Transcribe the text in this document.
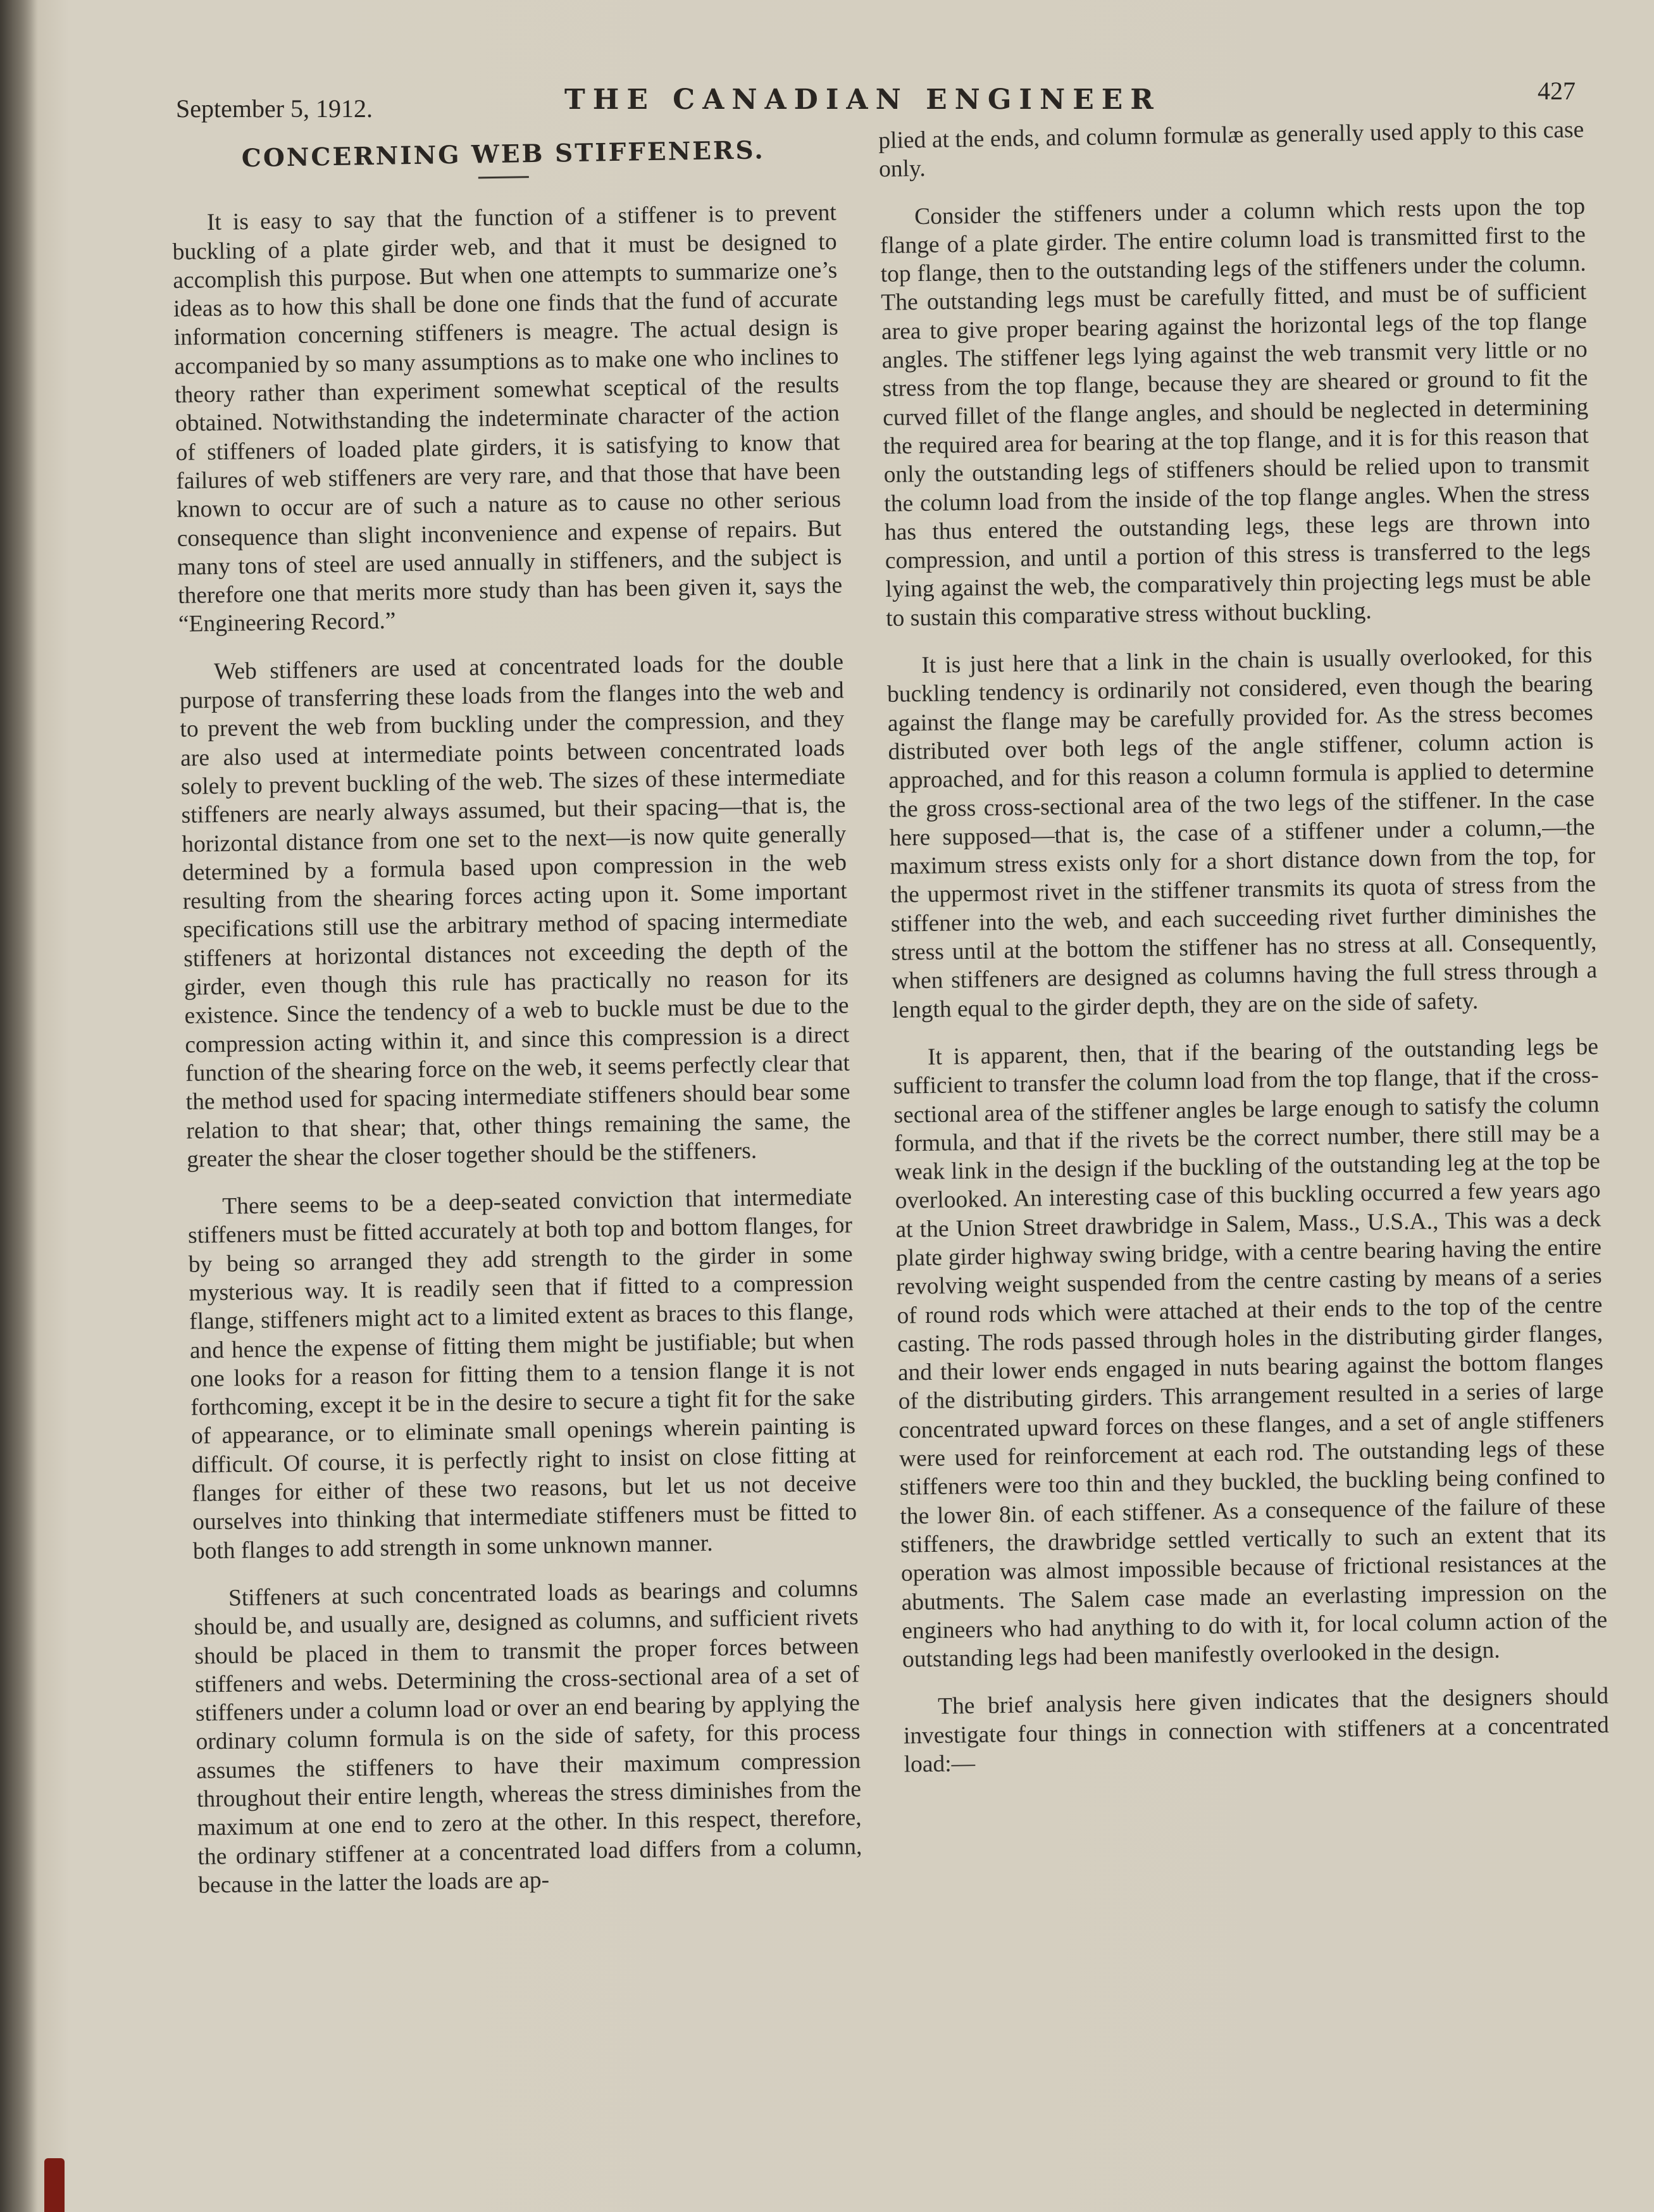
September 5, 1912.	THE CANADIAN ENGINEER	427
CONCERNING WEB STIFFENERS.

It is easy to say that the function of a stiffener is to prevent buckling of a plate girder web, and that it must be designed to accomplish this purpose. But when one attempts to summarize one’s ideas as to how this shall be done one finds that the fund of accurate information concerning stiffeners is meagre. The actual design is accompanied by so many assumptions as to make one who inclines to theory rather than experiment somewhat sceptical of the results obtained. Notwithstanding the indeterminate character of the action of stiffeners of loaded plate girders, it is satisfying to know that failures of web stiffeners are very rare, and that those that have been known to occur are of such a nature as to cause no other serious consequence than slight inconvenience and expense of repairs. But many tons of steel are used annually in stiffeners, and the subject is therefore one that merits more study than has been given it, says the “Engineering Record.”

Web stiffeners are used at concentrated loads for the double purpose of transferring these loads from the flanges into the web and to prevent the web from buckling under the compression, and they are also used at intermediate points between concentrated loads solely to prevent buckling of the web. The sizes of these intermediate stiffeners are nearly always assumed, but their spacing—that is, the horizontal distance from one set to the next—is now quite generally determined by a formula based upon compression in the web resulting from the shearing forces acting upon it. Some important specifications still use the arbitrary method of spacing intermediate stiffeners at horizontal distances not exceeding the depth of the girder, even though this rule has practically no reason for its existence. Since the tendency of a web to buckle must be due to the compression acting within it, and since this compression is a direct function of the shearing force on the web, it seems perfectly clear that the method used for spacing intermediate stiffeners should bear some relation to that shear; that, other things remaining the same, the greater the shear the closer together should be the stiffeners.

There seems to be a deep-seated conviction that intermediate stiffeners must be fitted accurately at both top and bottom flanges, for by being so arranged they add strength to the girder in some mysterious way. It is readily seen that if fitted to a compression flange, stiffeners might act to a limited extent as braces to this flange, and hence the expense of fitting them might be justifiable; but when one looks for a reason for fitting them to a tension flange it is not forthcoming, except it be in the desire to secure a tight fit for the sake of appearance, or to eliminate small openings wherein painting is difficult. Of course, it is perfectly right to insist on close fitting at flanges for either of these two reasons, but let us not deceive ourselves into thinking that intermediate stiffeners must be fitted to both flanges to add strength in some unknown manner.

Stiffeners at such concentrated loads as bearings and columns should be, and usually are, designed as columns, and sufficient rivets should be placed in them to transmit the proper forces between stiffeners and webs. Determining the cross-sectional area of a set of stiffeners under a column load or over an end bearing by applying the ordinary column formula is on the side of safety, for this process assumes the stiffeners to have their maximum compression throughout their entire length, whereas the stress diminishes from the maximum at one end to zero at the other. In this respect, therefore, the ordinary stiffener at a concentrated load differs from a column, because in the latter the loads are ap-

plied at the ends, and column formulæ as generally used apply to this case only.

Consider the stiffeners under a column which rests upon the top flange of a plate girder. The entire column load is transmitted first to the top flange, then to the outstanding legs of the stiffeners under the column. The outstanding legs must be carefully fitted, and must be of sufficient area to give proper bearing against the horizontal legs of the top flange angles. The stiffener legs lying against the web transmit very little or no stress from the top flange, because they are sheared or ground to fit the curved fillet of the flange angles, and should be neglected in determining the required area for bearing at the top flange, and it is for this reason that only the outstanding legs of stiffeners should be relied upon to transmit the column load from the inside of the top flange angles. When the stress has thus entered the outstanding legs, these legs are thrown into compression, and until a portion of this stress is transferred to the legs lying against the web, the comparatively thin projecting legs must be able to sustain this comparative stress without buckling.

It is just here that a link in the chain is usually overlooked, for this buckling tendency is ordinarily not considered, even though the bearing against the flange may be carefully provided for. As the stress becomes distributed over both legs of the angle stiffener, column action is approached, and for this reason a column formula is applied to determine the gross cross-sectional area of the two legs of the stiffener. In the case here supposed—that is, the case of a stiffener under a column,—the maximum stress exists only for a short distance down from the top, for the uppermost rivet in the stiffener transmits its quota of stress from the stiffener into the web, and each succeeding rivet further diminishes the stress until at the bottom the stiffener has no stress at all. Consequently, when stiffeners are designed as columns having the full stress through a length equal to the girder depth, they are on the side of safety.

It is apparent, then, that if the bearing of the outstanding legs be sufficient to transfer the column load from the top flange, that if the cross-sectional area of the stiffener angles be large enough to satisfy the column formula, and that if the rivets be the correct number, there still may be a weak link in the design if the buckling of the outstanding leg at the top be overlooked. An interesting case of this buckling occurred a few years ago at the Union Street drawbridge in Salem, Mass., U.S.A., This was a deck plate girder highway swing bridge, with a centre bearing having the entire revolving weight suspended from the centre casting by means of a series of round rods which were attached at their ends to the top of the centre casting. The rods passed through holes in the distributing girder flanges, and their lower ends engaged in nuts bearing against the bottom flanges of the distributing girders. This arrangement resulted in a series of large concentrated upward forces on these flanges, and a set of angle stiffeners were used for reinforcement at each rod. The outstanding legs of these stiffeners were too thin and they buckled, the buckling being confined to the lower 8in. of each stiffener. As a consequence of the failure of these stiffeners, the drawbridge settled vertically to such an extent that its operation was almost impossible because of frictional resistances at the abutments. The Salem case made an everlasting impression on the engineers who had anything to do with it, for local column action of the outstanding legs had been manifestly overlooked in the design.

The brief analysis here given indicates that the designers should investigate four things in connection with stiffeners at a concentrated load:—
